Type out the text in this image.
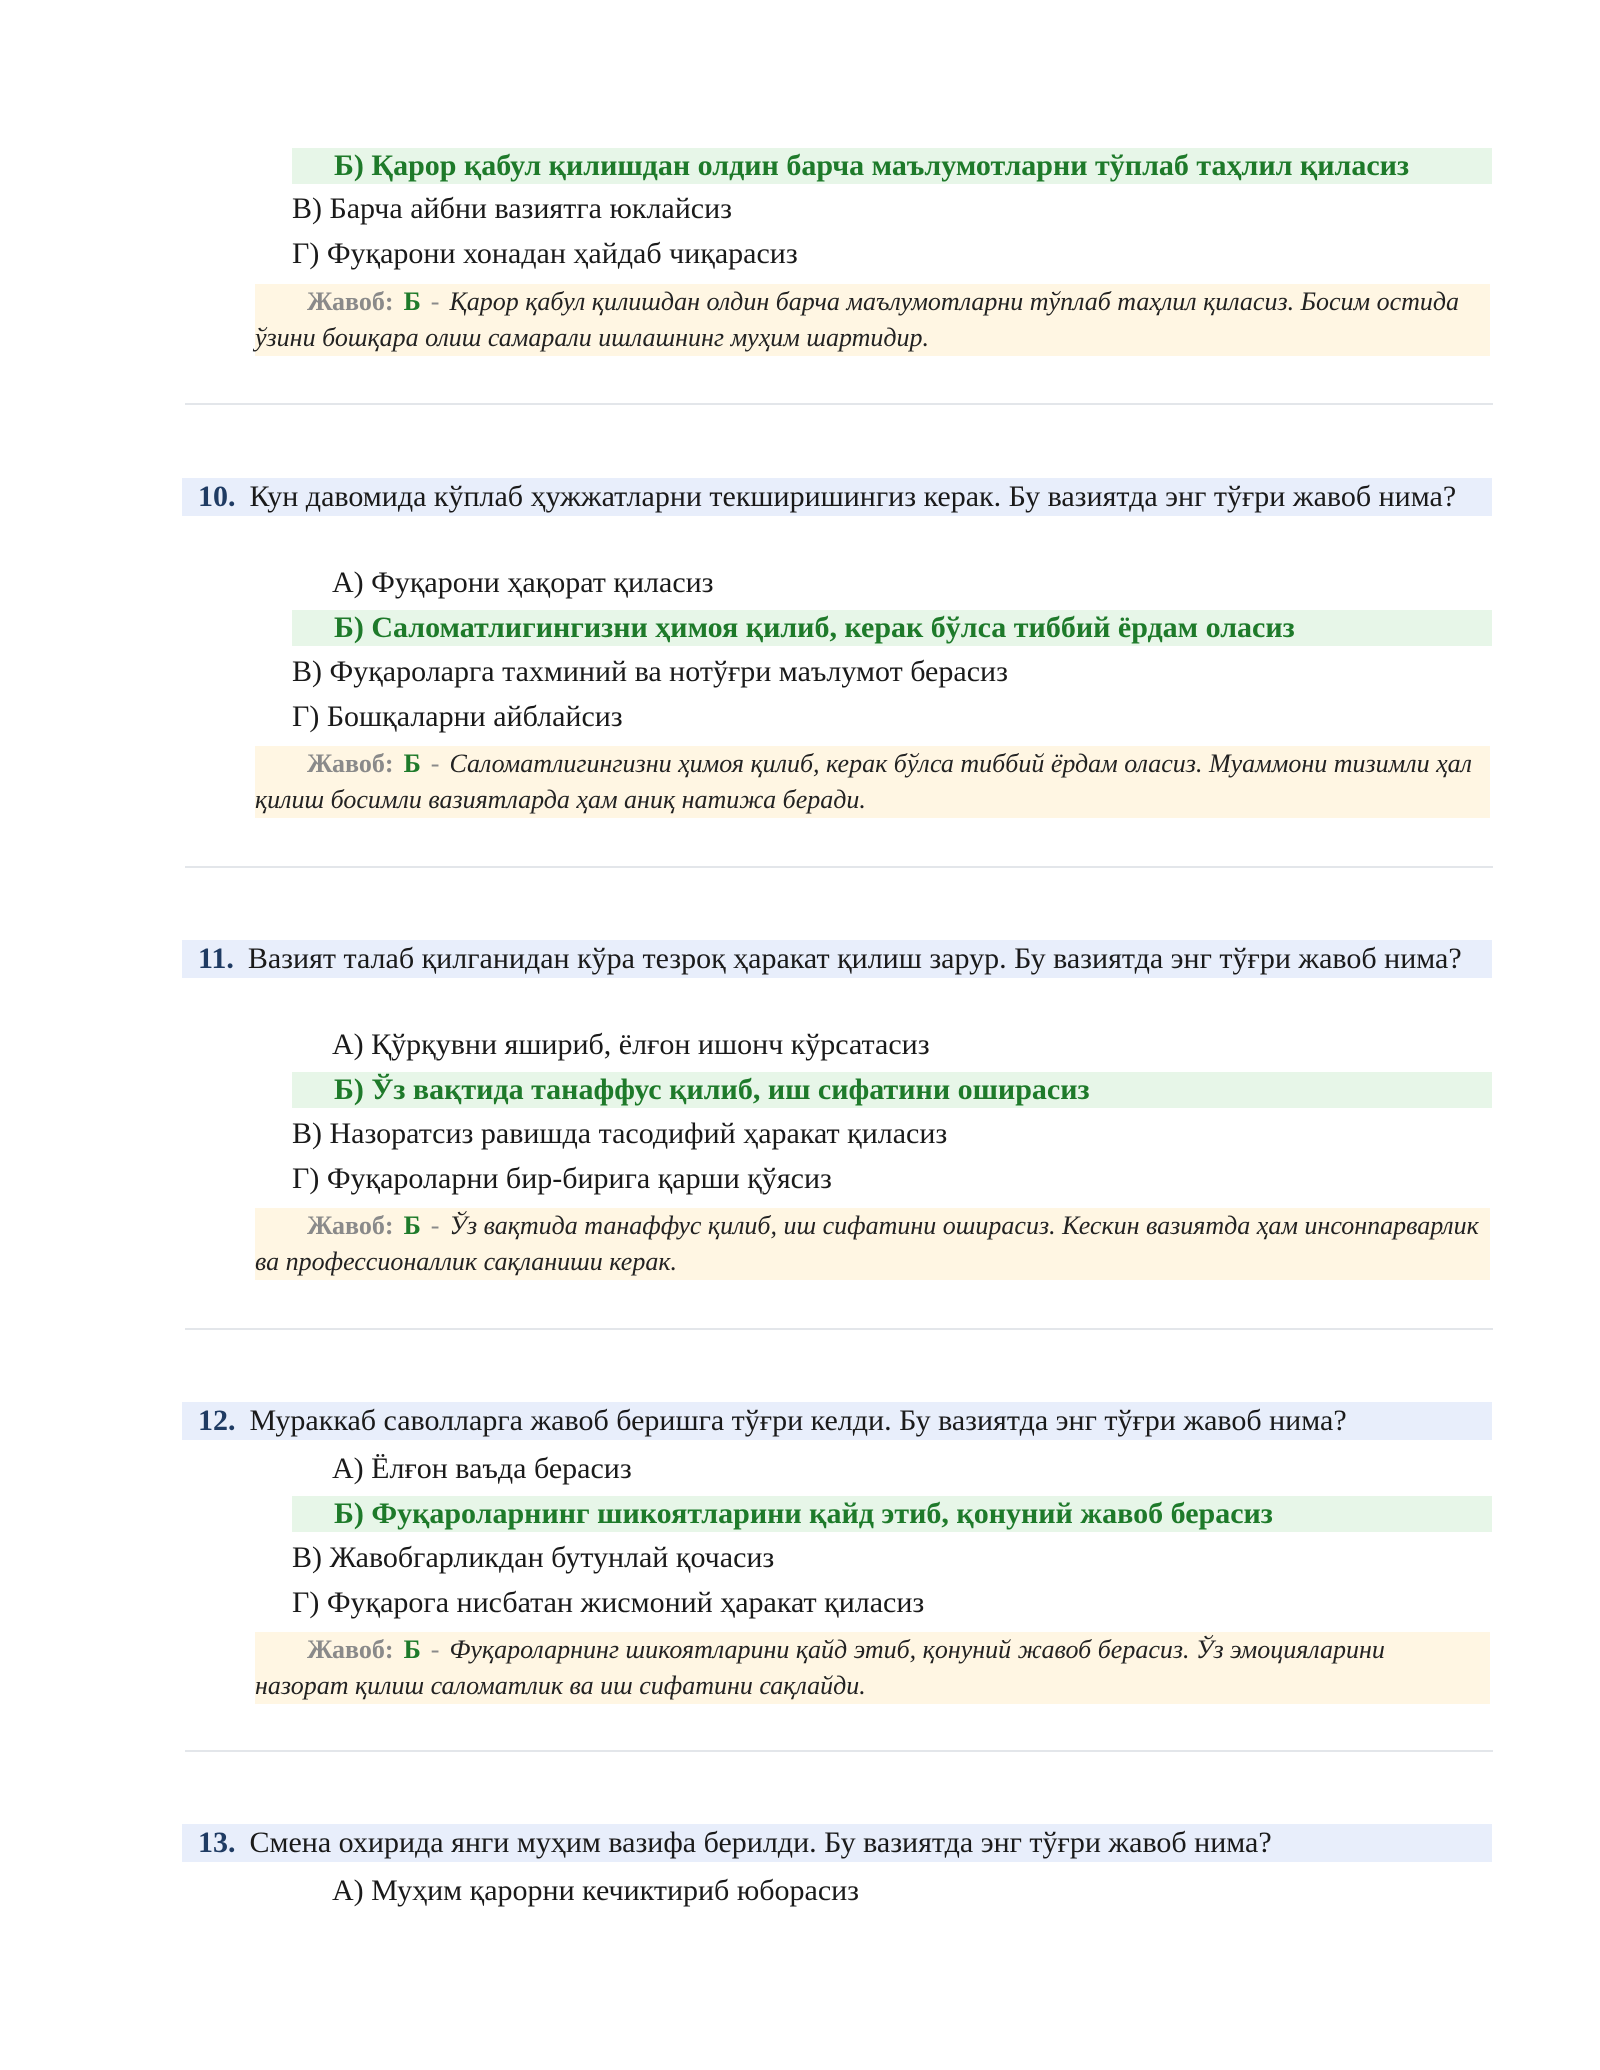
Б) Қарор қабул қилишдан олдин барча маълумотларни тўплаб таҳлил қиласиз
В) Барча айбни вазиятга юклайсиз
Г) Фуқарони хонадан ҳайдаб чиқарасиз
Жавоб: Б - Қарор қабул қилишдан олдин барча маълумотларни тўплаб таҳлил қиласиз. Босим остида ўзини бошқара олиш самарали ишлашнинг муҳим шартидир.
10. Кун давомида кўплаб ҳужжатларни текширишингиз керак. Бу вазиятда энг тўғри жавоб нима?
А) Фуқарони ҳақорат қиласиз
Б) Саломатлигингизни ҳимоя қилиб, керак бўлса тиббий ёрдам оласиз
В) Фуқароларга тахминий ва нотўғри маълумот берасиз
Г) Бошқаларни айблайсиз
Жавоб: Б - Саломатлигингизни ҳимоя қилиб, керак бўлса тиббий ёрдам оласиз. Муаммони тизимли ҳал қилиш босимли вазиятларда ҳам аниқ натижа беради.
11. Вазият талаб қилганидан кўра тезроқ ҳаракат қилиш зарур. Бу вазиятда энг тўғри жавоб нима?
А) Қўрқувни яшириб, ёлғон ишонч кўрсатасиз
Б) Ўз вақтида танаффус қилиб, иш сифатини оширасиз
В) Назоратсиз равишда тасодифий ҳаракат қиласиз
Г) Фуқароларни бир-бирига қарши қўясиз
Жавоб: Б - Ўз вақтида танаффус қилиб, иш сифатини оширасиз. Кескин вазиятда ҳам инсонпарварлик ва профессионаллик сақланиши керак.
12. Мураккаб саволларга жавоб беришга тўғри келди. Бу вазиятда энг тўғри жавоб нима?
А) Ёлғон ваъда берасиз
Б) Фуқароларнинг шикоятларини қайд этиб, қонуний жавоб берасиз
В) Жавобгарликдан бутунлай қочасиз
Г) Фуқарога нисбатан жисмоний ҳаракат қиласиз
Жавоб: Б - Фуқароларнинг шикоятларини қайд этиб, қонуний жавоб берасиз. Ўз эмоцияларини назорат қилиш саломатлик ва иш сифатини сақлайди.
13. Смена охирида янги муҳим вазифа берилди. Бу вазиятда энг тўғри жавоб нима?
А) Муҳим қарорни кечиктириб юборасиз
